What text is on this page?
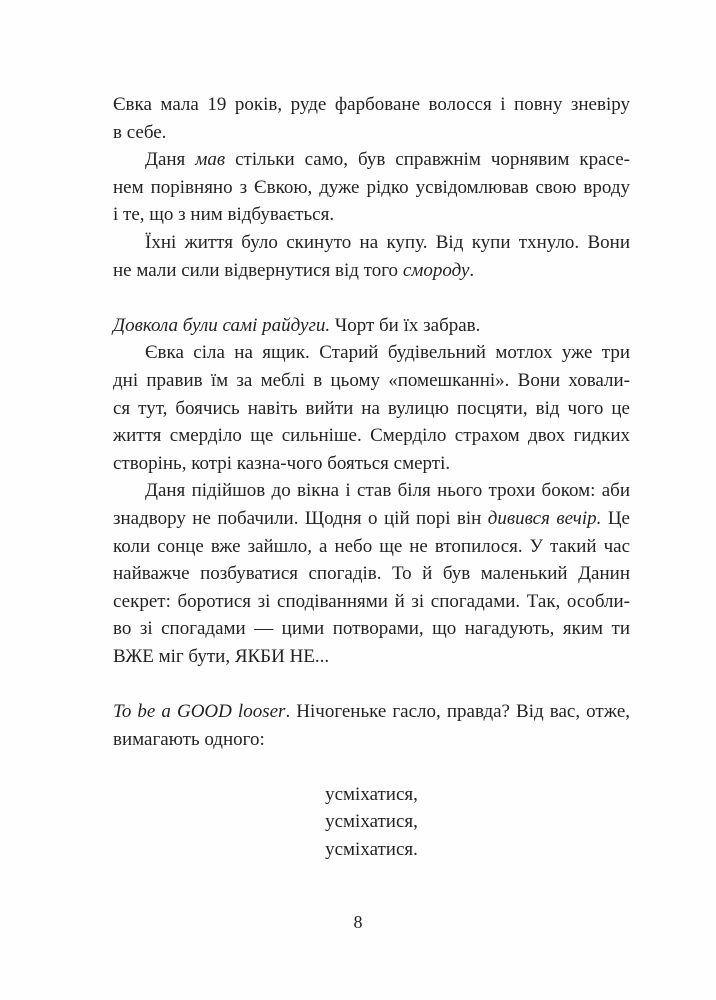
Євка мала 19 років, руде фарбоване волосся і повну зневіру
в себе.
Даня мав стільки само, був справжнім чорнявим красе-
нем порівняно з Євкою, дуже рідко усвідомлював свою вроду
і те, що з ним відбувається.
Їхні життя було скинуто на купу. Від купи тхнуло. Вони
не мали сили відвернутися від того смороду.
Довкола були самі райдуги. Чорт би їх забрав.
Євка сіла на ящик. Старий будівельний мотлох уже три
дні правив їм за меблі в цьому «помешканні». Вони ховали-
ся тут, боячись навіть вийти на вулицю посцяти, від чого це
життя смерділо ще сильніше. Смерділо страхом двох гидких
створінь, котрі казна-чого бояться смерті.
Даня підійшов до вікна і став біля нього трохи боком: аби
знадвору не побачили. Щодня о цій порі він дивився вечір. Це
коли сонце вже зайшло, а небо ще не втопилося. У такий час
найважче позбуватися спогадів. То й був маленький Данин
секрет: боротися зі сподіваннями й зі спогадами. Так, особли-
во зі спогадами — цими потворами, що нагадують, яким ти
ВЖЕ міг бути, ЯКБИ НЕ...
To be a GOOD looser. Нічогеньке гасло, правда? Від вас, отже,
вимагають одного:
усміхатися,
усміхатися,
усміхатися.
8
